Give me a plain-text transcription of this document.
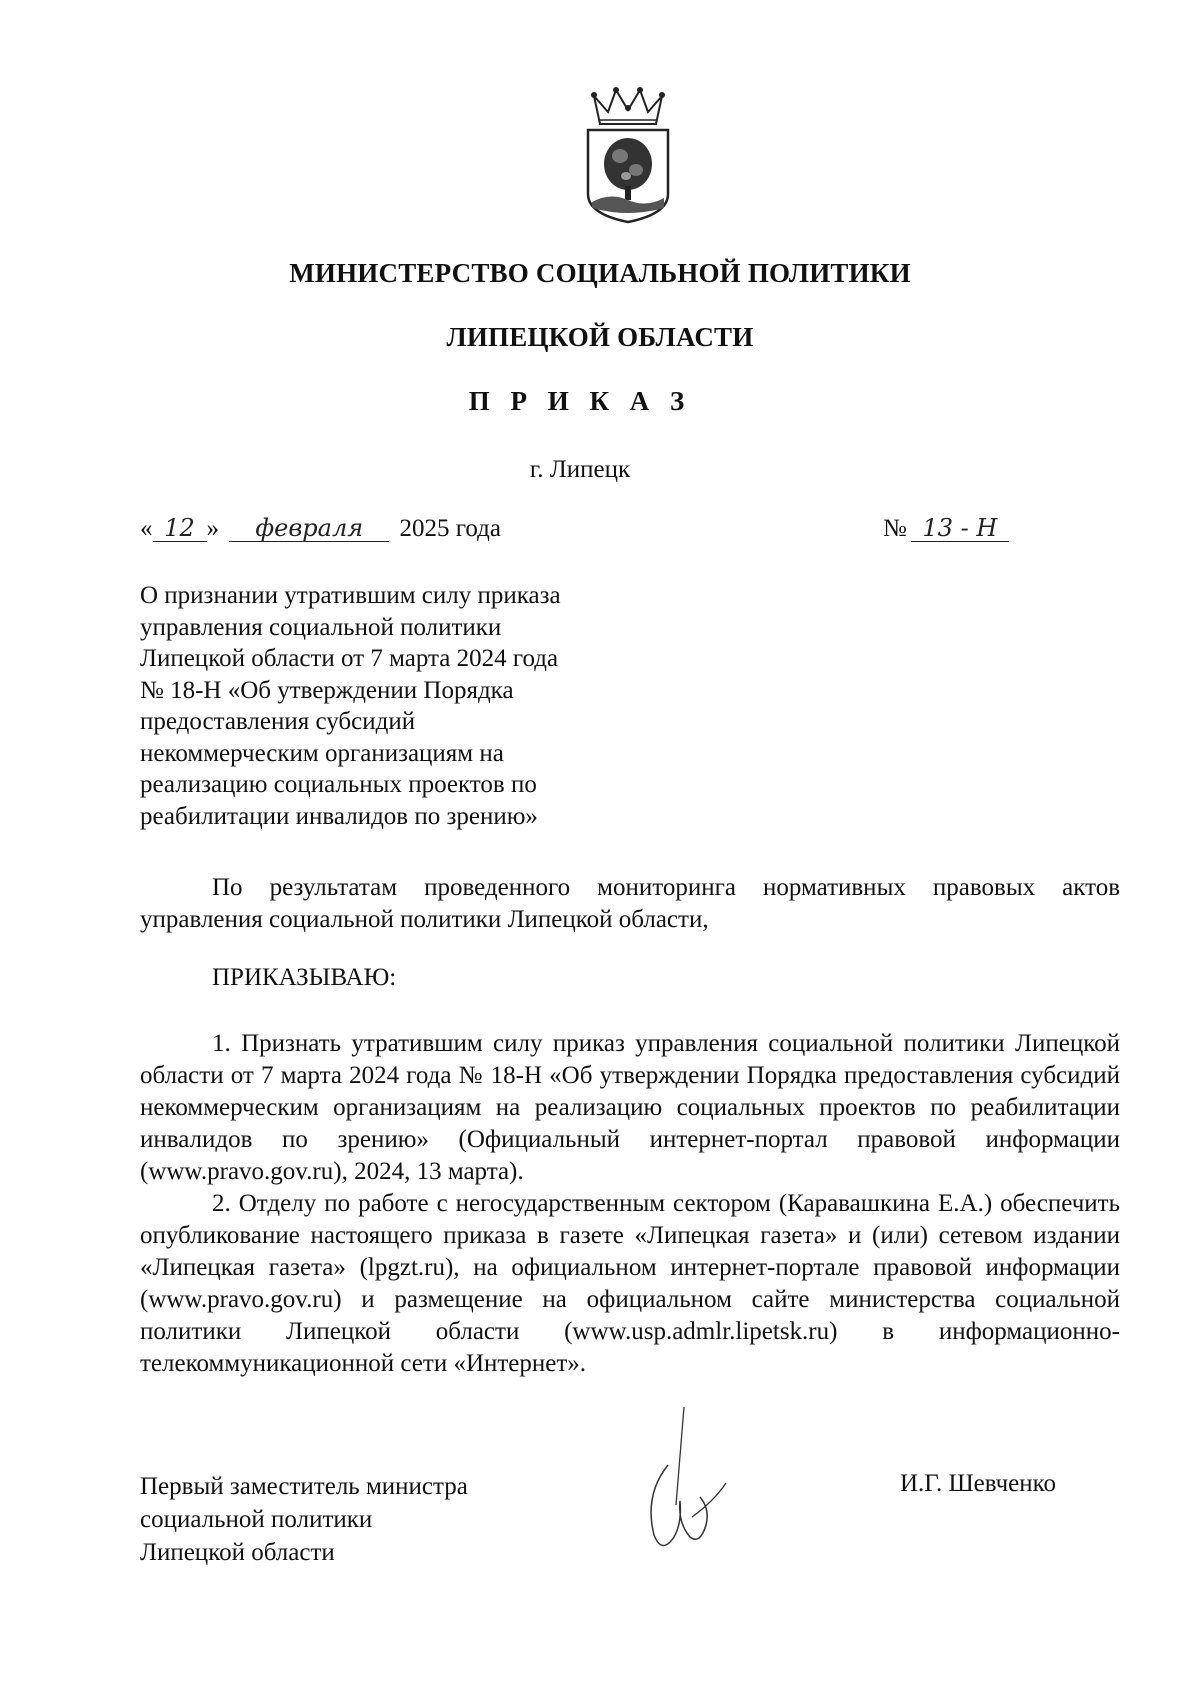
МИНИСТЕРСТВО СОЦИАЛЬНОЙ ПОЛИТИКИ
ЛИПЕЦКОЙ ОБЛАСТИ
П Р И К А З
г. Липецк
« 12 » февраля 2025 года	№ 13 - Н
О признании утратившим силу приказа
управления социальной политики
Липецкой области от 7 марта 2024 года
№ 18-Н «Об утверждении Порядка
предоставления субсидий
некоммерческим организациям на
реализацию социальных проектов по
реабилитации инвалидов по зрению»
По результатам проведенного мониторинга нормативных правовых актов управления социальной политики Липецкой области,
ПРИКАЗЫВАЮ:
1. Признать утратившим силу приказ управления социальной политики Липецкой области от 7 марта 2024 года № 18-Н «Об утверждении Порядка предоставления субсидий некоммерческим организациям на реализацию социальных проектов по реабилитации инвалидов по зрению» (Официальный интернет-портал правовой информации (www.pravo.gov.ru), 2024, 13 марта).
2. Отделу по работе с негосударственным сектором (Каравашкина Е.А.) обеспечить опубликование настоящего приказа в газете «Липецкая газета» и (или) сетевом издании «Липецкая газета» (lpgzt.ru), на официальном интернет-портале правовой информации (www.pravo.gov.ru) и размещение на официальном сайте министерства социальной политики Липецкой области (www.usp.admlr.lipetsk.ru) в информационно-телекоммуникационной сети «Интернет».
Первый заместитель министра
социальной политики
Липецкой области
И.Г. Шевченко
